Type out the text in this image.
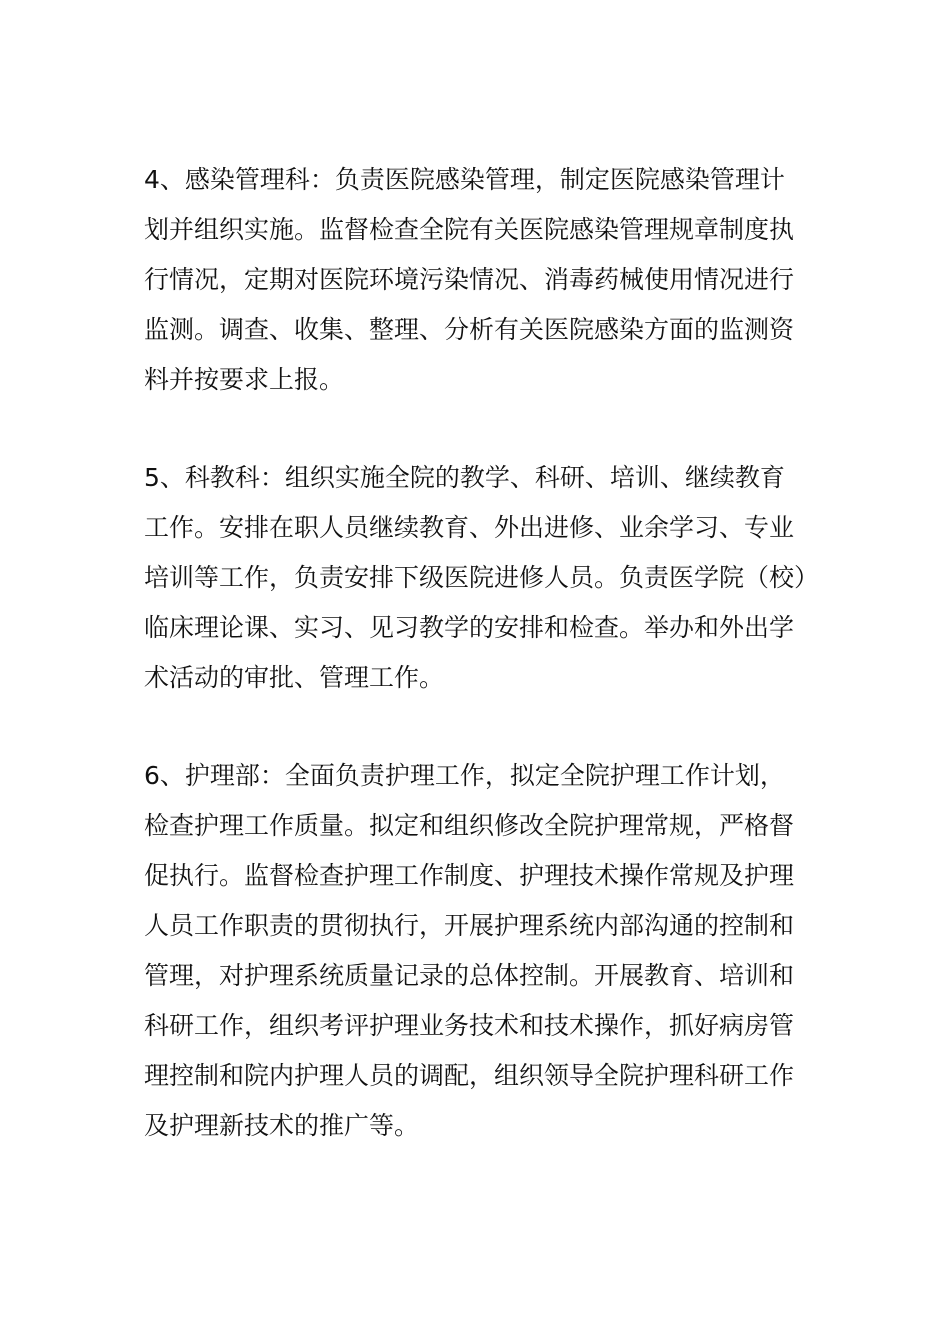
4、感染管理科：负责医院感染管理，制定医院感染管理计
划并组织实施。监督检查全院有关医院感染管理规章制度执
行情况，定期对医院环境污染情况、消毒药械使用情况进行
监测。调查、收集、整理、分析有关医院感染方面的监测资
料并按要求上报。
5、科教科：组织实施全院的教学、科研、培训、继续教育
工作。安排在职人员继续教育、外出进修、业余学习、专业
培训等工作，负责安排下级医院进修人员。负责医学院（校）
临床理论课、实习、见习教学的安排和检查。举办和外出学
术活动的审批、管理工作。
6、护理部：全面负责护理工作，拟定全院护理工作计划，
检查护理工作质量。拟定和组织修改全院护理常规，严格督
促执行。监督检查护理工作制度、护理技术操作常规及护理
人员工作职责的贯彻执行，开展护理系统内部沟通的控制和
管理，对护理系统质量记录的总体控制。开展教育、培训和
科研工作，组织考评护理业务技术和技术操作，抓好病房管
理控制和院内护理人员的调配，组织领导全院护理科研工作
及护理新技术的推广等。
